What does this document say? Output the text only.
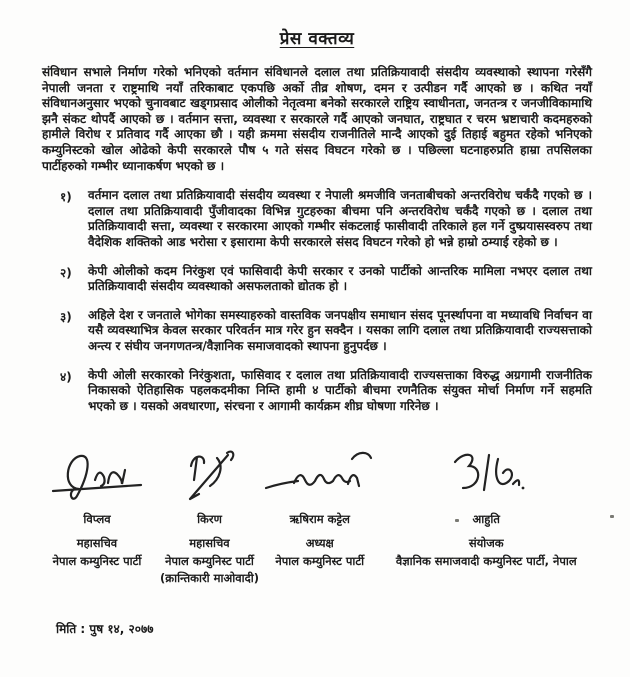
प्रेस वक्तव्य

संविधान सभाले निर्माण गरेको भनिएको वर्तमान संविधानले दलाल तथा प्रतिक्रियावादी संसदीय व्यवस्थाको स्थापना गरेसँगै नेपाली जनता र राष्ट्रमाथि नयाँ तरिकाबाट एकपछि अर्को तीव्र शोषण, दमन र उत्पीडन गर्दै आएको छ । कथित नयाँ संविधानअनुसार भएको चुनावबाट खड्गप्रसाद ओलीको नेतृत्वमा बनेको सरकारले राष्ट्रिय स्वाधीनता, जनतन्त्र र जनजीविकामाथि झनै संकट थोपर्दै आएको छ । वर्तमान सत्ता, व्यवस्था र सरकारले गर्दै आएको जनघात, राष्ट्रघात र चरम भ्रष्टाचारी कदमहरुको हामीले विरोध र प्रतिवाद गर्दै आएका छौ । यही क्रममा संसदीय राजनीतिले मान्दै आएको दुई तिहाई बहुमत रहेको भनिएको कम्युनिस्टको खोल ओढेको केपी सरकारले पौष ५ गते संसद विघटन गरेको छ । पछिल्ला घटनाहरुप्रति हाम्रा तपसिलका पार्टीहरुको गम्भीर ध्यानाकर्षण भएको छ ।

१)	वर्तमान दलाल तथा प्रतिक्रियावादी संसदीय व्यवस्था र नेपाली श्रमजीवि जनताबीचको अन्तरविरोध चर्कंदै गएको छ । दलाल तथा प्रतिक्रियावादी पुँजीवादका विभिन्न गुटहरुका बीचमा पनि अन्तरविरोध चर्कंदै गएको छ । दलाल तथा प्रतिक्रियावादी सत्ता, व्यवस्था र सरकारमा आएको गम्भीर संकटलाई फासीवादी तरिकाले हल गर्ने दुष्प्रयासस्वरुप तथा वैदेशिक शक्तिको आड भरोसा र इसारामा केपी सरकारले संसद विघटन गरेको हो भन्ने हाम्रो ठम्याई रहेको छ ।
२)	केपी ओलीको कदम निरंकुश एवं फासिवादी केपी सरकार र उनको पार्टीको आन्तरिक मामिला नभएर दलाल तथा प्रतिक्रियावादी संसदीय व्यवस्थाको असफलताको द्योतक हो ।
३)	अहिले देश र जनताले भोगेका समस्याहरुको वास्तविक जनपक्षीय समाधान संसद पूनर्स्थापना वा मध्यावधि निर्वाचन वा यसै व्यवस्थाभित्र केवल सरकार परिवर्तन मात्र गरेर हुन सक्दैन । यसका लागि दलाल तथा प्रतिक्रियावादी राज्यसत्ताको अन्त्य र संघीय जनगणतन्त्र/वैज्ञानिक समाजवादको स्थापना हुनुपर्दछ ।
४)	केपी ओली सरकारको निरंकुशता, फासिवाद र दलाल तथा प्रतिक्रियावादी राज्यसत्ताका विरुद्ध अग्रगामी राजनीतिक निकासको ऐतिहासिक पहलकदमीका निम्ति हामी ४ पार्टीको बीचमा रणनैतिक संयुक्त मोर्चा निर्माण गर्ने सहमति भएको छ । यसको अवधारणा, संरचना र आगामी कार्यक्रम शीघ्र घोषणा गरिनेछ ।
विप्लव
महासचिव
नेपाल कम्युनिस्ट पार्टी
किरण
महासचिव
नेपाल कम्युनिस्ट पार्टी
(क्रान्तिकारी माओवादी)
ऋषिराम कट्टेल
अध्यक्ष
नेपाल कम्युनिस्ट पार्टी
आहुति
संयोजक
वैज्ञानिक समाजवादी कम्युनिस्ट पार्टी, नेपाल
मिति : पुष १४, २०७७
